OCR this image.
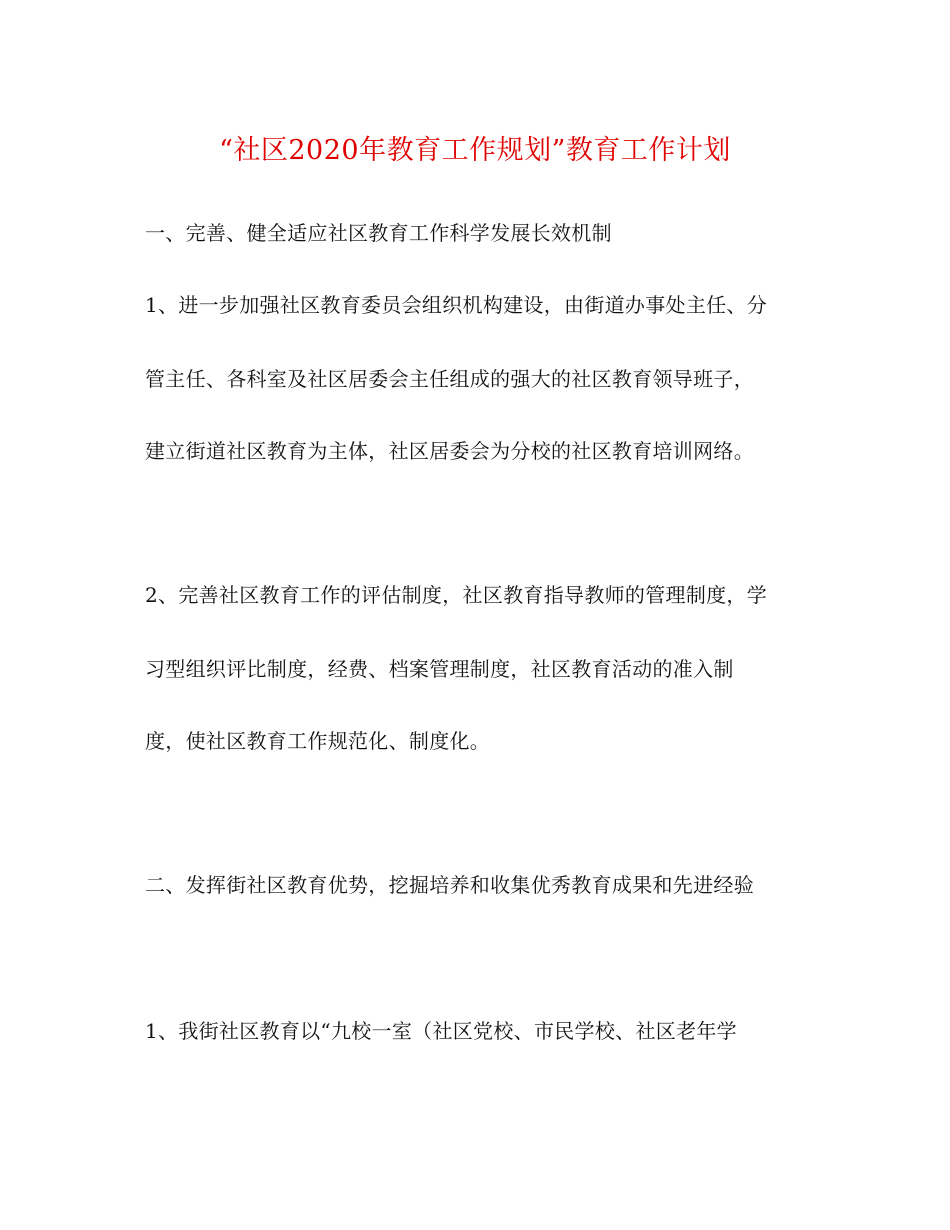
“社区2020年教育工作规划”教育工作计划
一、完善、健全适应社区教育工作科学发展长效机制
1、进一步加强社区教育委员会组织机构建设，由街道办事处主任、分
管主任、各科室及社区居委会主任组成的强大的社区教育领导班子，
建立街道社区教育为主体，社区居委会为分校的社区教育培训网络。
2、完善社区教育工作的评估制度，社区教育指导教师的管理制度，学
习型组织评比制度，经费、档案管理制度，社区教育活动的准入制
度，使社区教育工作规范化、制度化。
二、发挥街社区教育优势，挖掘培养和收集优秀教育成果和先进经验
1、我街社区教育以“九校一室（社区党校、市民学校、社区老年学
